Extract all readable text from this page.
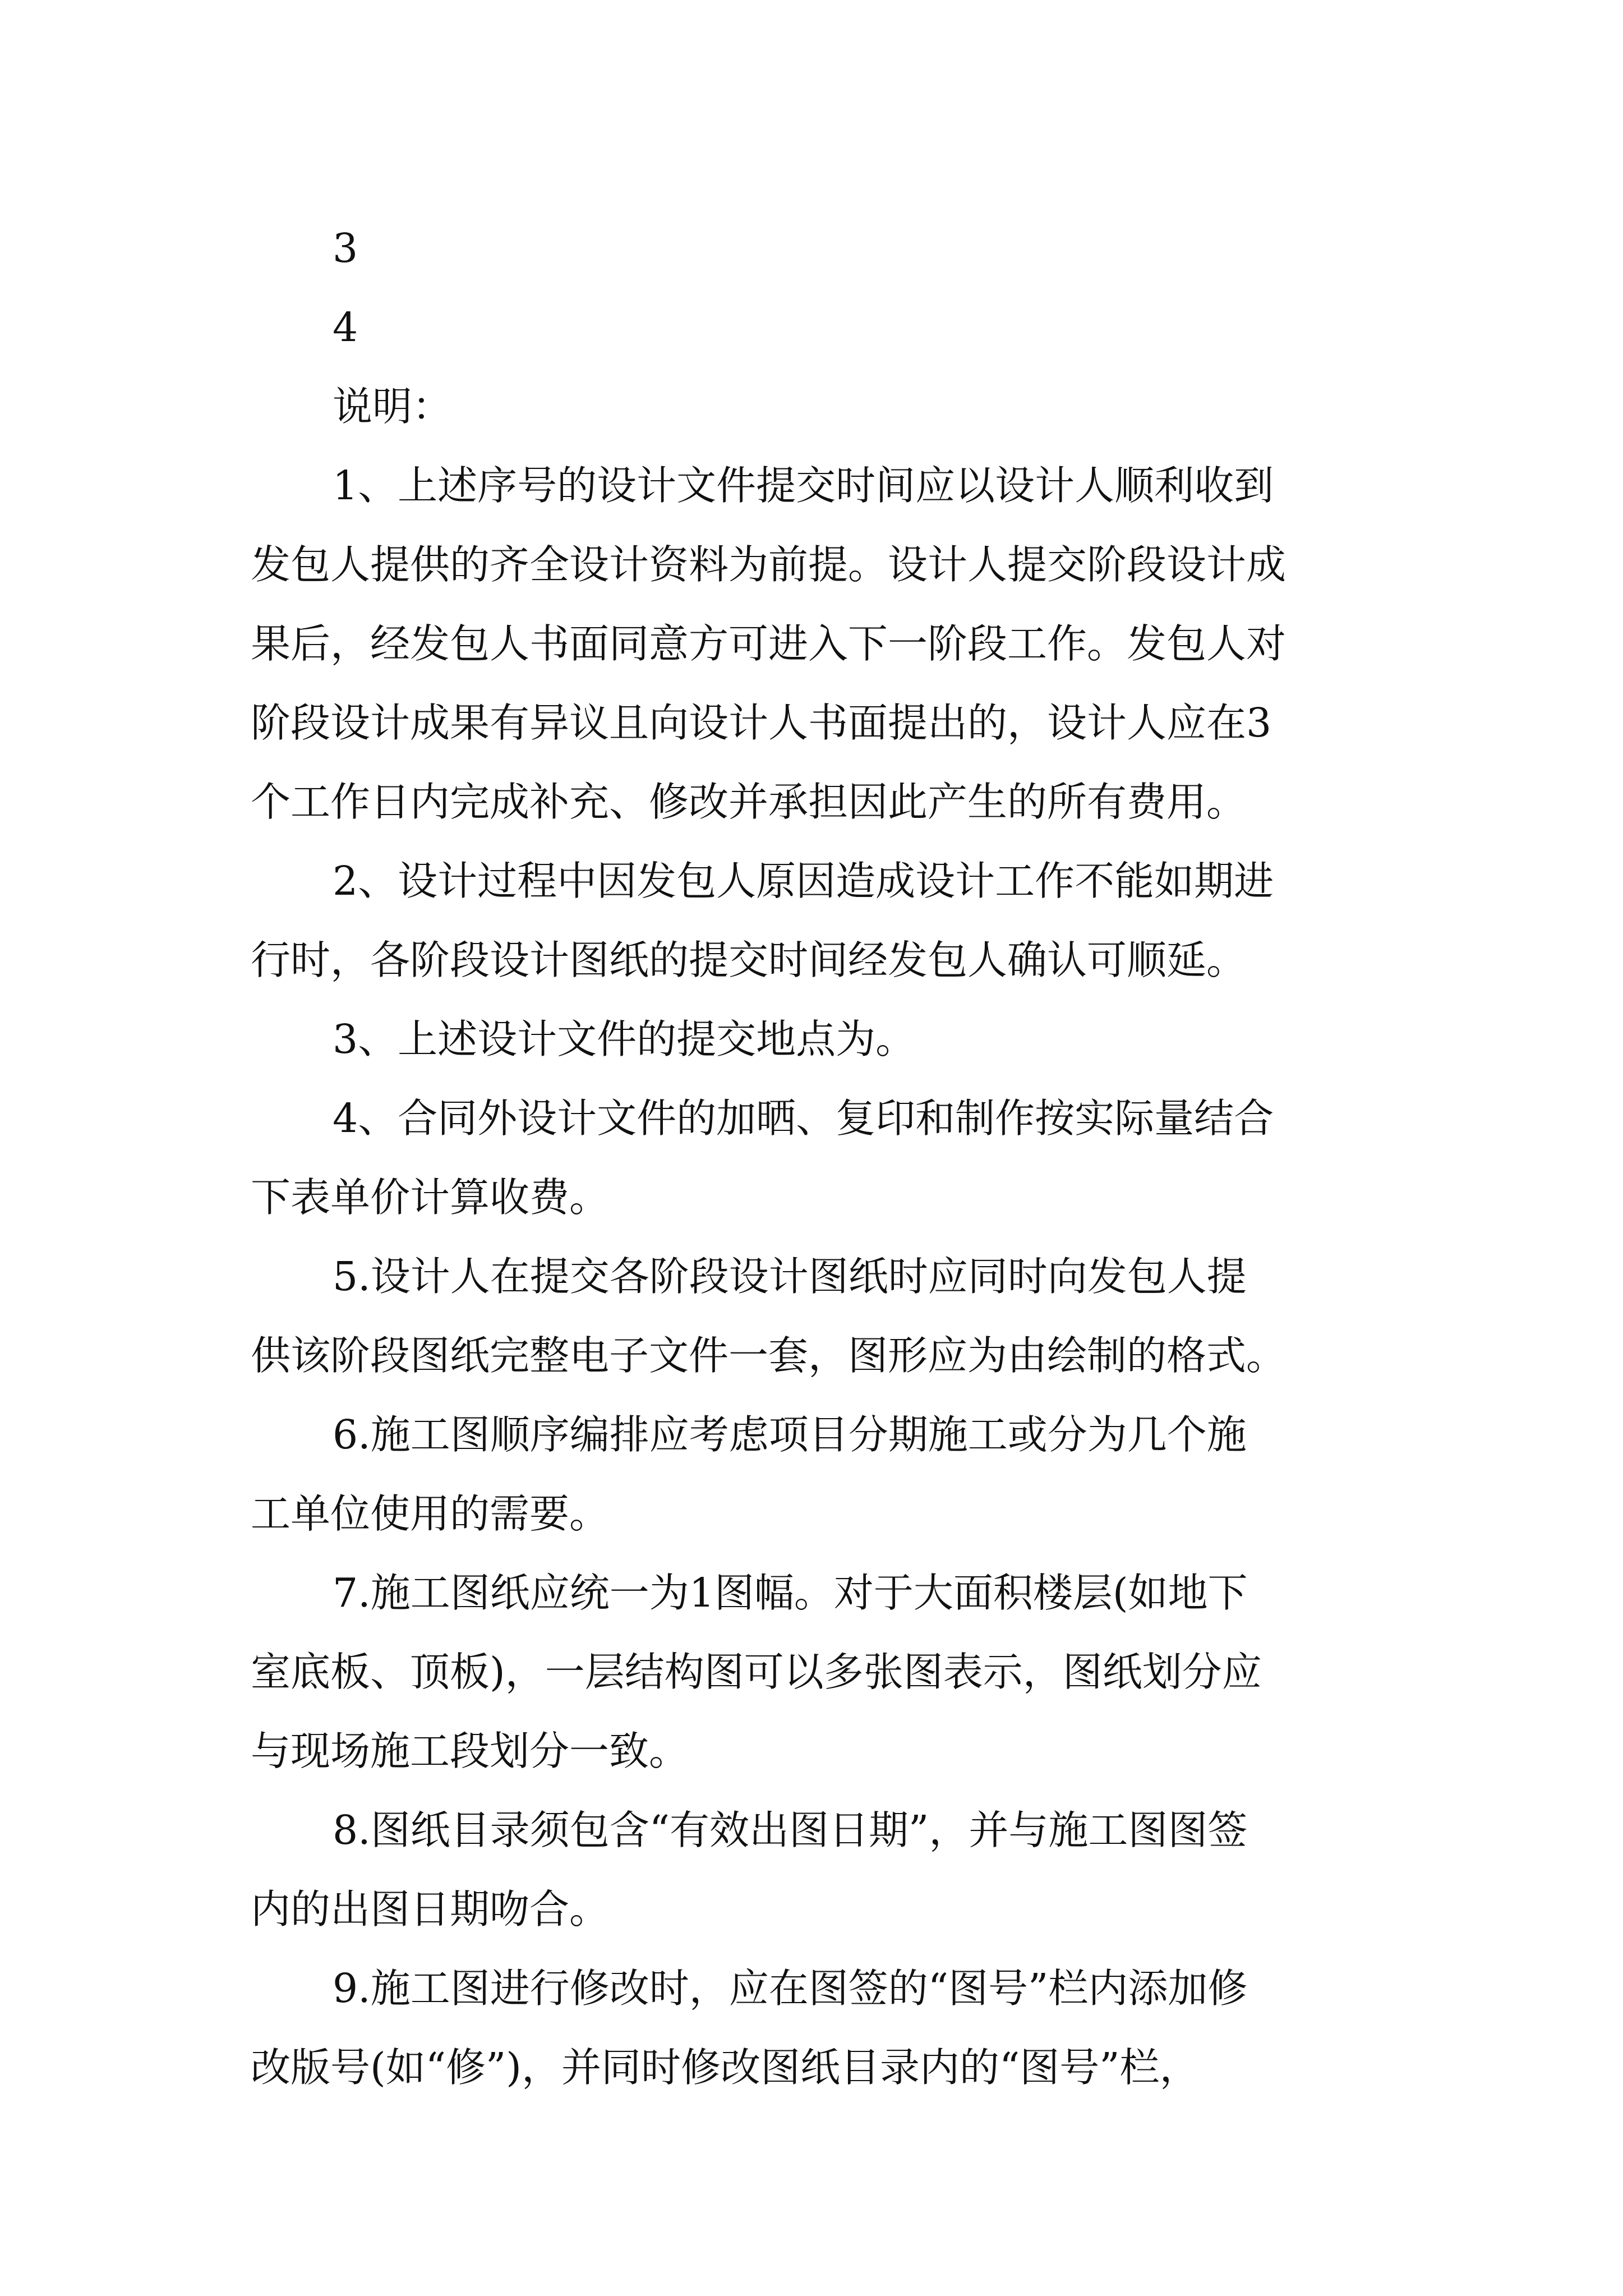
3
4
说明：
1、上述序号的设计文件提交时间应以设计人顺利收到
发包人提供的齐全设计资料为前提。设计人提交阶段设计成
果后，经发包人书面同意方可进入下一阶段工作。发包人对
阶段设计成果有异议且向设计人书面提出的，设计人应在3
个工作日内完成补充、修改并承担因此产生的所有费用。
2、设计过程中因发包人原因造成设计工作不能如期进
行时，各阶段设计图纸的提交时间经发包人确认可顺延。
3、上述设计文件的提交地点为。
4、合同外设计文件的加晒、复印和制作按实际量结合
下表单价计算收费。
5.设计人在提交各阶段设计图纸时应同时向发包人提
供该阶段图纸完整电子文件一套，图形应为由绘制的格式。
6.施工图顺序编排应考虑项目分期施工或分为几个施
工单位使用的需要。
7.施工图纸应统一为1图幅。对于大面积楼层(如地下
室底板、顶板)，一层结构图可以多张图表示，图纸划分应
与现场施工段划分一致。
8.图纸目录须包含“有效出图日期”，并与施工图图签
内的出图日期吻合。
9.施工图进行修改时，应在图签的“图号”栏内添加修
改版号(如“修”)，并同时修改图纸目录内的“图号”栏，
